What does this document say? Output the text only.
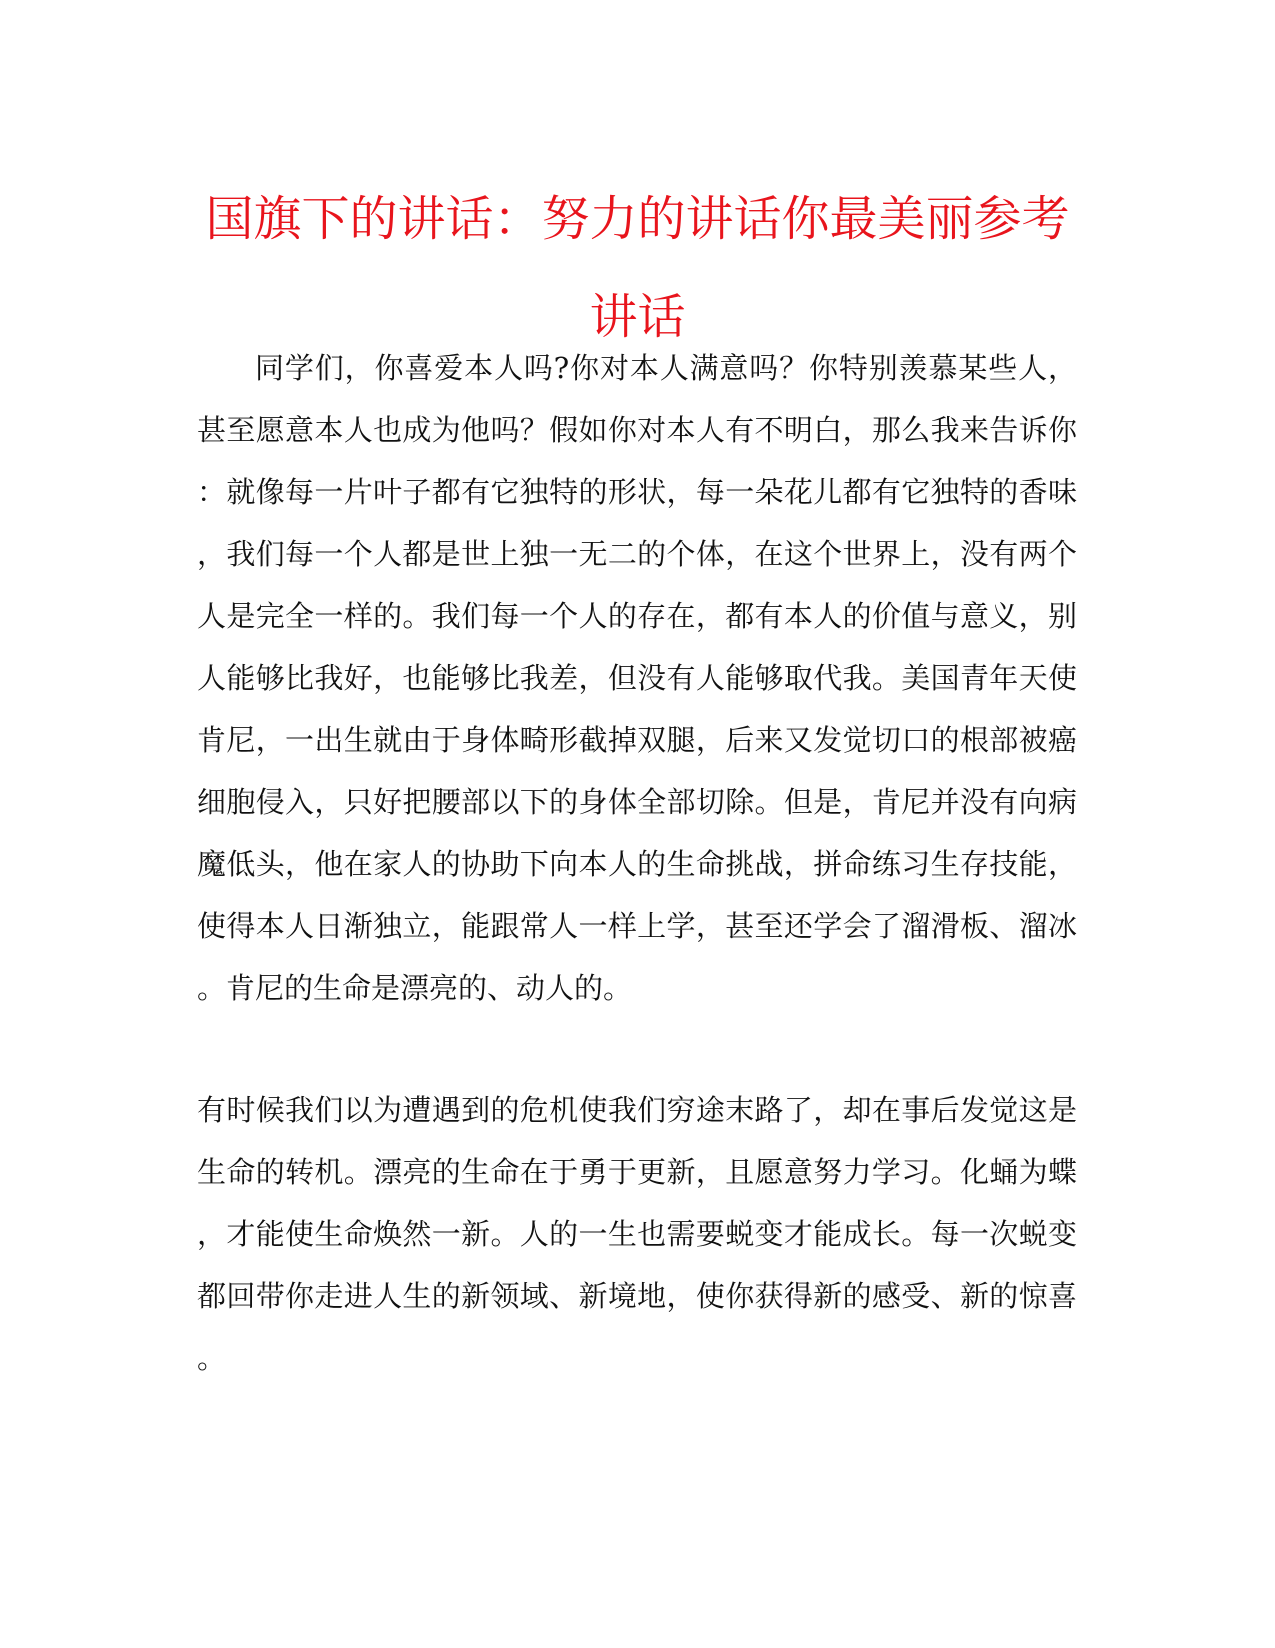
国旗下的讲话：努力的讲话你最美丽参考
讲话

同学们，你喜爱本人吗?你对本人满意吗？你特别羡慕某些人，

甚至愿意本人也成为他吗？假如你对本人有不明白，那么我来告诉你

：就像每一片叶子都有它独特的形状，每一朵花儿都有它独特的香味

，我们每一个人都是世上独一无二的个体，在这个世界上，没有两个

人是完全一样的。我们每一个人的存在，都有本人的价值与意义，别

人能够比我好，也能够比我差，但没有人能够取代我。美国青年天使

肯尼，一出生就由于身体畸形截掉双腿，后来又发觉切口的根部被癌

细胞侵入，只好把腰部以下的身体全部切除。但是，肯尼并没有向病

魔低头，他在家人的协助下向本人的生命挑战，拼命练习生存技能，

使得本人日渐独立，能跟常人一样上学，甚至还学会了溜滑板、溜冰

。肯尼的生命是漂亮的、动人的。

有时候我们以为遭遇到的危机使我们穷途末路了，却在事后发觉这是

生命的转机。漂亮的生命在于勇于更新，且愿意努力学习。化蛹为蝶

，才能使生命焕然一新。人的一生也需要蜕变才能成长。每一次蜕变

都回带你走进人生的新领域、新境地，使你获得新的感受、新的惊喜

。
